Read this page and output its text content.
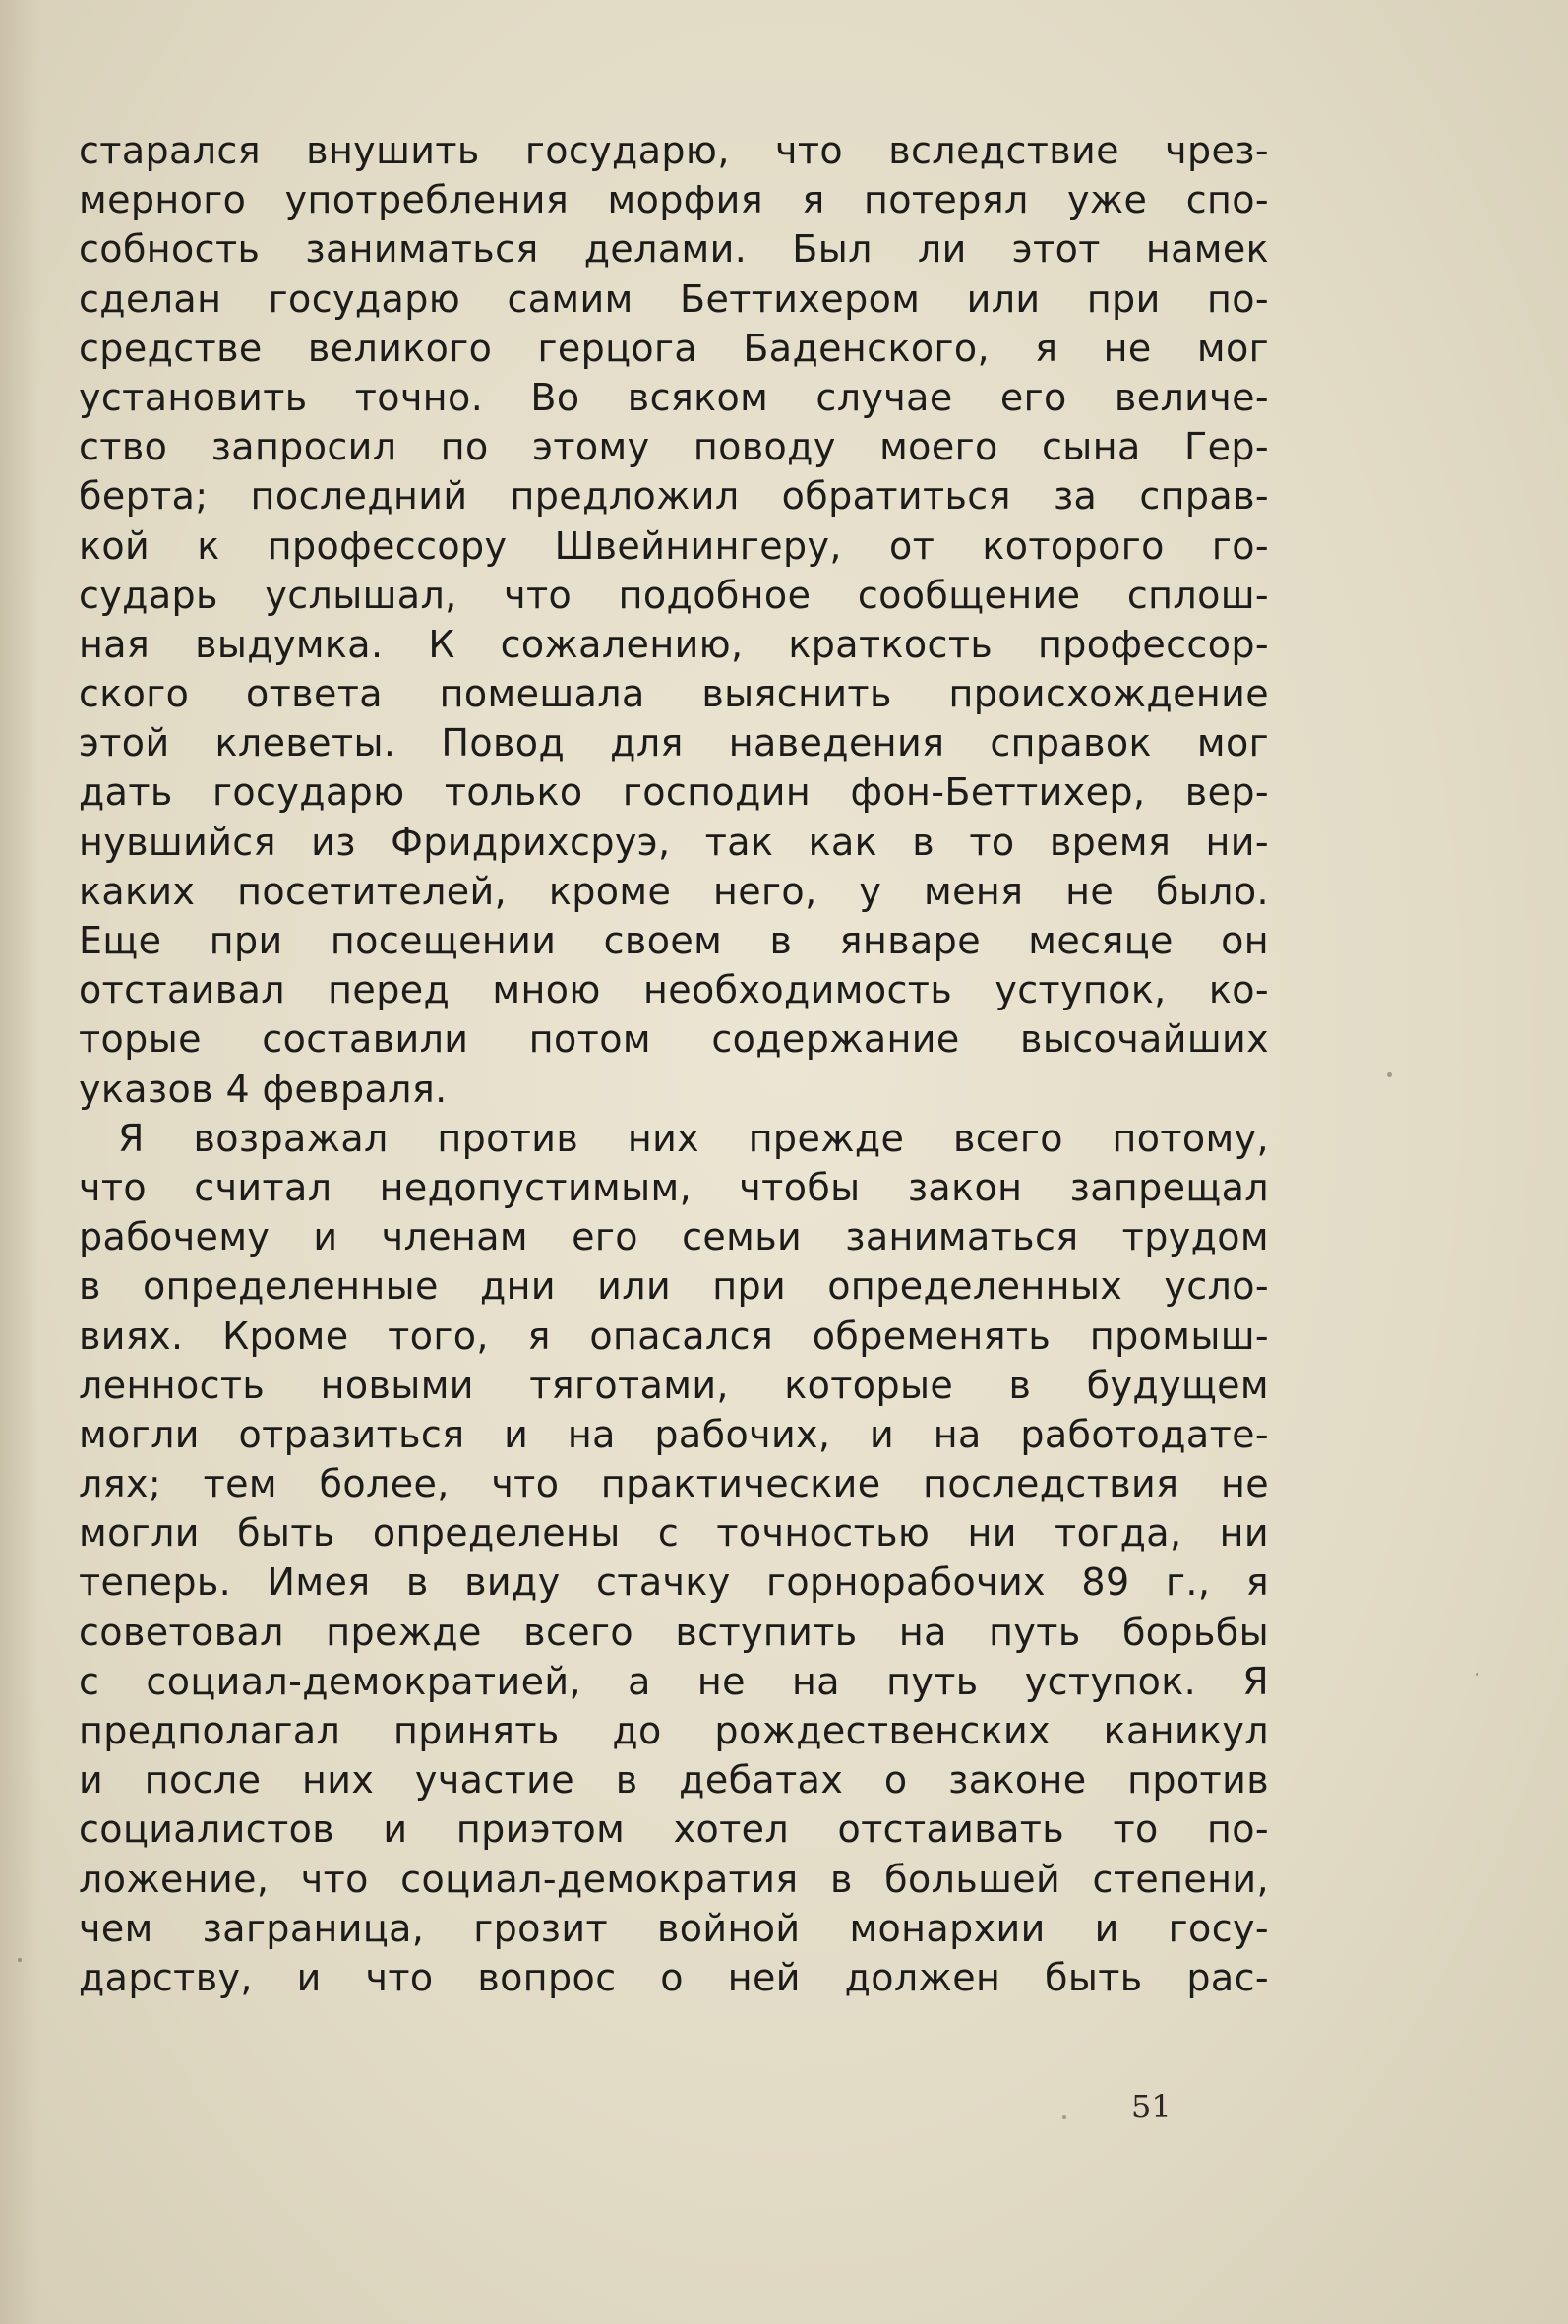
старался внушить государю, что вследствие чрез-
мерного употребления морфия я потерял уже спо-
собность заниматься делами. Был ли этот намек
сделан государю самим Беттихером или при по-
средстве великого герцога Баденского, я не мог
установить точно. Во всяком случае его величе-
ство запросил по этому поводу моего сына Гер-
берта; последний предложил обратиться за справ-
кой к профессору Швейнингеру, от которого го-
сударь услышал, что подобное сообщение сплош-
ная выдумка. К сожалению, краткость профессор-
ского ответа помешала выяснить происхождение
этой клеветы. Повод для наведения справок мог
дать государю только господин фон-Беттихер, вер-
нувшийся из Фридрихсруэ, так как в то время ни-
каких посетителей, кроме него, у меня не было.
Еще при посещении своем в январе месяце он
отстаивал перед мною необходимость уступок, ко-
торые составили потом содержание высочайших
указов 4 февраля.
Я возражал против них прежде всего потому,
что считал недопустимым, чтобы закон запрещал
рабочему и членам его семьи заниматься трудом
в определенные дни или при определенных усло-
виях. Кроме того, я опасался обременять промыш-
ленность новыми тяготами, которые в будущем
могли отразиться и на рабочих, и на работодате-
лях; тем более, что практические последствия не
могли быть определены с точностью ни тогда, ни
теперь. Имея в виду стачку горнорабочих 89 г., я
советовал прежде всего вступить на путь борьбы
с социал-демократией, а не на путь уступок. Я
предполагал принять до рождественских каникул
и после них участие в дебатах о законе против
социалистов и приэтом хотел отстаивать то по-
ложение, что социал-демократия в большей степени,
чем заграница, грозит войной монархии и госу-
дарству, и что вопрос о ней должен быть рас-
51
